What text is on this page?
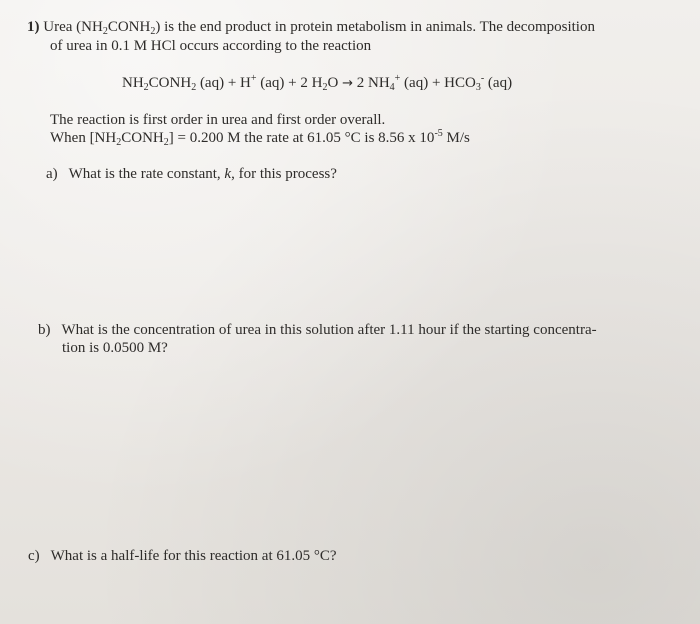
1) Urea $(NH_2CONH_2)$ is the end product in protein metabolism in animals. The decomposition
of urea in 0.1 M HCl occurs according to the reaction
$NH_2CONH_2$ (aq) + H+ (aq) + 2 $H_2O \to 2$ $NH_4^+$ $(aq) + HCO_3^-$ (aq)
The reaction is first order in urea and first order overall.
When $[NH_2CONH_2] = 0.200$ M the rate at 61.05 °C is 8.56 x $10^{-5}$ M/s
a) What is the rate constant, k, for this process?
b) What is the concentration of urea in this solution after 1.11 hour if the starting concentra-
tion is 0.0500 M?
c) What is a half-life for this reaction at 61.05 °C?
